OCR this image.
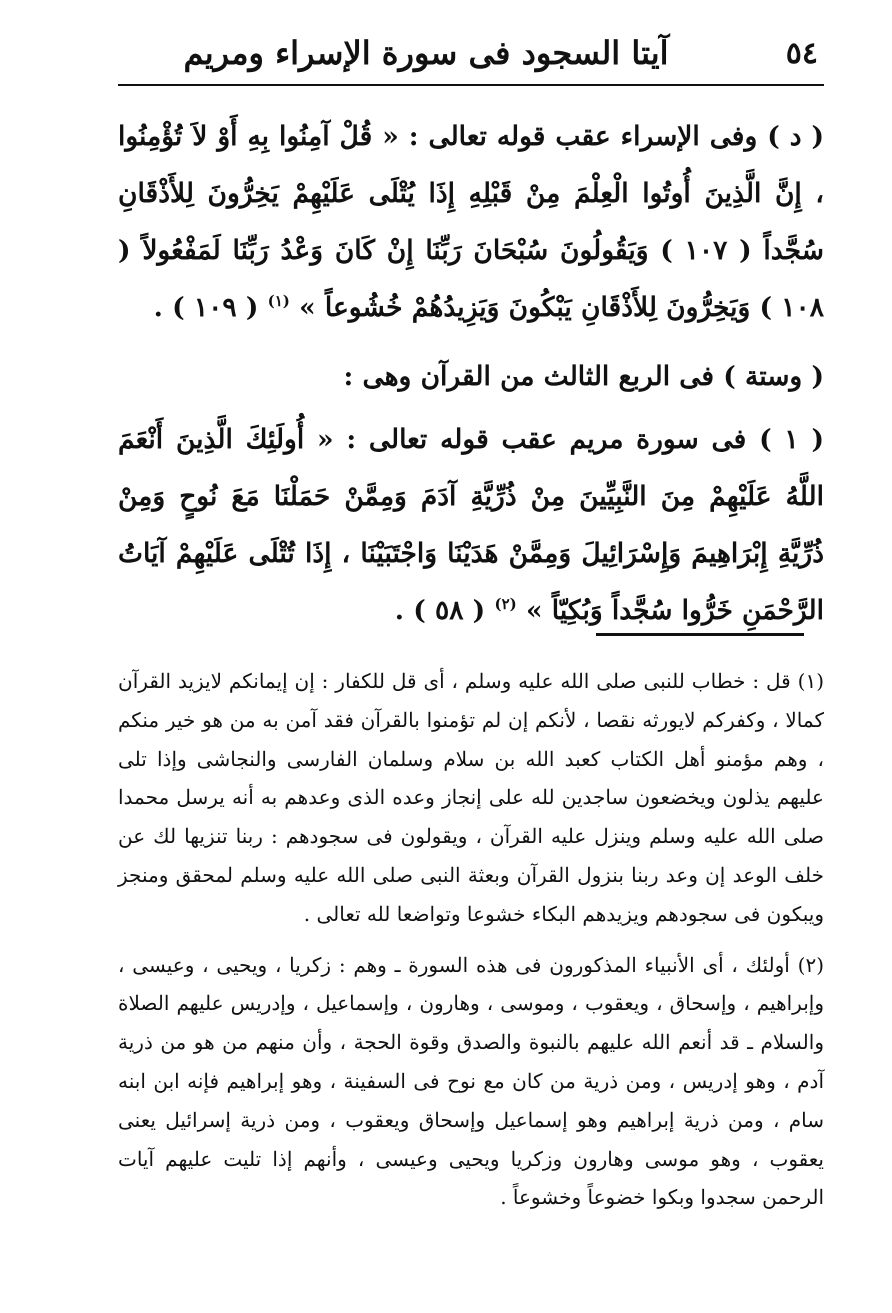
٥٤
آيتا السجود فى سورة الإسراء ومريم

( د ) وفى الإسراء عقب قوله تعالى : « قُلْ آمِنُوا بِهِ أَوْ لاَ تُؤْمِنُوا ، إِنَّ الَّذِينَ أُوتُوا الْعِلْمَ مِنْ قَبْلِهِ إِذَا يُتْلَى عَلَيْهِمْ يَخِرُّونَ لِلأَذْقَانِ سُجَّداً ( ١٠٧ ) وَيَقُولُونَ سُبْحَانَ رَبِّنَا إِنْ كَانَ وَعْدُ رَبِّنَا لَمَفْعُولاً ( ١٠٨ ) وَيَخِرُّونَ لِلأَذْقَانِ يَبْكُونَ وَيَزِيدُهُمْ خُشُوعاً » $^{(١)}$ ( ١٠٩ ) .

( وستة ) فى الربع الثالث من القرآن وهى :

( ١ ) فى سورة مريم عقب قوله تعالى : « أُولَئِكَ الَّذِينَ أَنْعَمَ اللَّهُ عَلَيْهِمْ مِنَ النَّبِيِّينَ مِنْ ذُرِّيَّةِ آدَمَ وَمِمَّنْ حَمَلْنَا مَعَ نُوحٍ وَمِنْ ذُرِّيَّةِ إِبْرَاهِيمَ وَإِسْرَائِيلَ وَمِمَّنْ هَدَيْنَا وَاجْتَبَيْنَا ، إِذَا تُتْلَى عَلَيْهِمْ آيَاتُ الرَّحْمَنِ خَرُّوا سُجَّداً وَبُكِيّاً » $^{(٢)}$ ( ٥٨ ) .

(١) قل : خطاب للنبى صلى الله عليه وسلم ، أى قل للكفار : إن إيمانكم لايزيد القرآن كمالا ، وكفركم لايورثه نقصا ، لأنكم إن لم تؤمنوا بالقرآن فقد آمن به من هو خير منكم ، وهم مؤمنو أهل الكتاب كعبد الله بن سلام وسلمان الفارسى والنجاشى وإذا تلى عليهم يذلون ويخضعون ساجدين لله على إنجاز وعده الذى وعدهم به أنه يرسل محمدا صلى الله عليه وسلم وينزل عليه القرآن ، ويقولون فى سجودهم : ربنا تنزيها لك عن خلف الوعد إن وعد ربنا بنزول القرآن وبعثة النبى صلى الله عليه وسلم لمحقق ومنجز ويبكون فى سجودهم ويزيدهم البكاء خشوعا وتواضعا لله تعالى .

(٢) أولئك ، أى الأنبياء المذكورون فى هذه السورة ـ وهم : زكريا ، ويحيى ، وعيسى ، وإبراهيم ، وإسحاق ، ويعقوب ، وموسى ، وهارون ، وإسماعيل ، وإدريس عليهم الصلاة والسلام ـ قد أنعم الله عليهم بالنبوة والصدق وقوة الحجة ، وأن منهم من هو من ذرية آدم ، وهو إدريس ، ومن ذرية من كان مع نوح فى السفينة ، وهو إبراهيم فإنه ابن ابنه سام ، ومن ذرية إبراهيم وهو إسماعيل وإسحاق ويعقوب ، ومن ذرية إسرائيل يعنى يعقوب ، وهو موسى وهارون وزكريا ويحيى وعيسى ، وأنهم إذا تليت عليهم آيات الرحمن سجدوا وبكوا خضوعاً وخشوعاً .
